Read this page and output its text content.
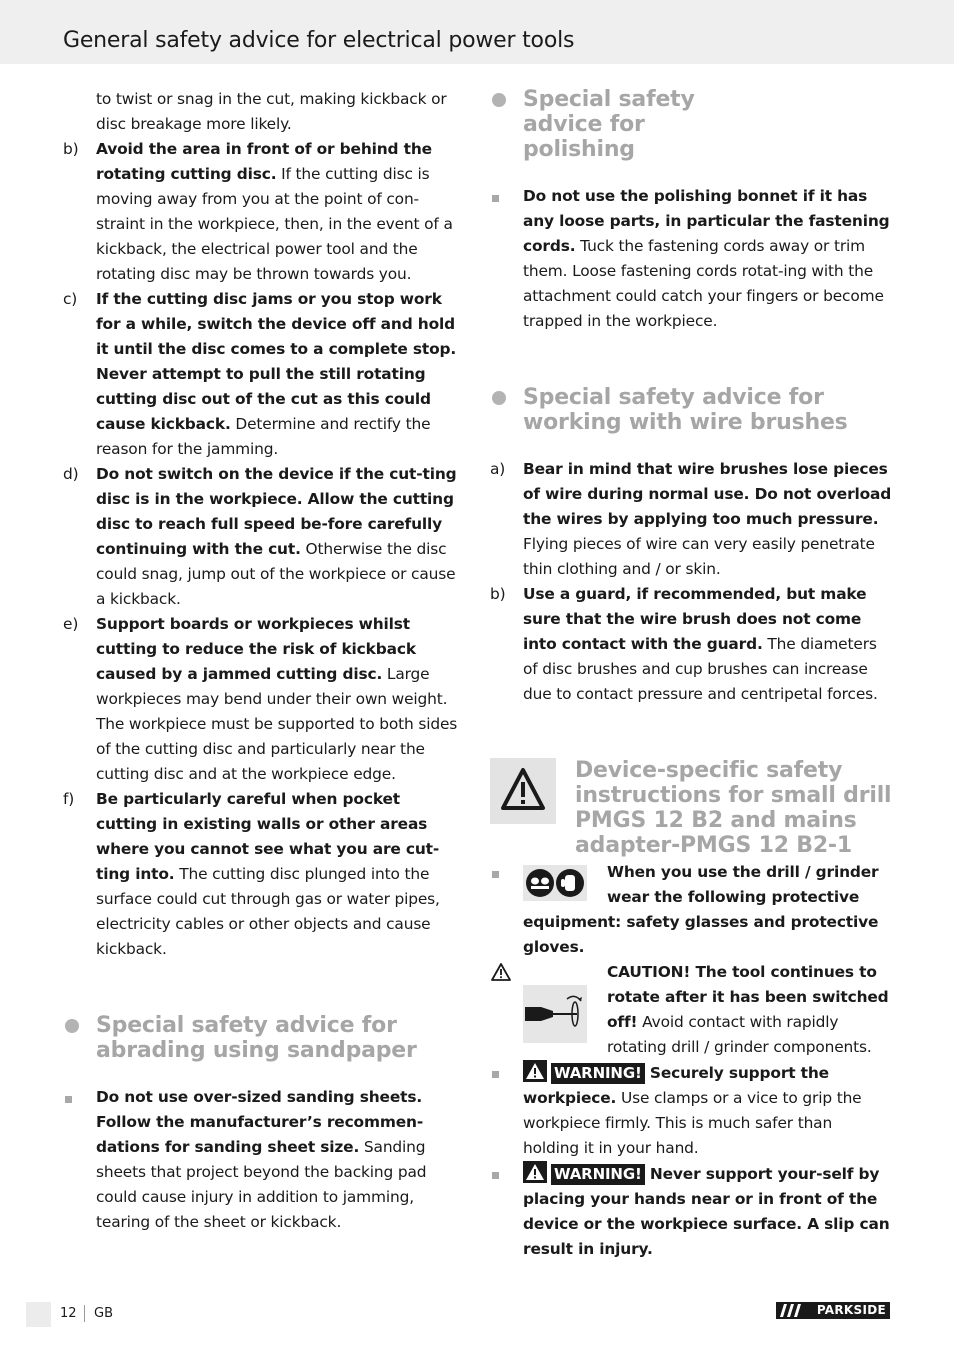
General safety advice for electrical power tools
to twist or snag in the cut, making kickback or disc breakage more likely.
b) Avoid the area in front of or behind the rotating cutting disc. If the cutting disc is moving away from you at the point of con-straint in the workpiece, then, in the event of a kickback, the electrical power tool and the rotating disc may be thrown towards you.
c) If the cutting disc jams or you stop work for a while, switch the device off and hold it until the disc comes to a complete stop. Never attempt to pull the still rotating cutting disc out of the cut as this could cause kickback. Determine and rectify the reason for the jamming.
d) Do not switch on the device if the cut-ting disc is in the workpiece. Allow the cutting disc to reach full speed be-fore carefully continuing with the cut. Otherwise the disc could snag, jump out of the workpiece or cause a kickback.
e) Support boards or workpieces whilst cutting to reduce the risk of kickback caused by a jammed cutting disc. Large workpieces may bend under their own weight. The workpiece must be supported to both sides of the cutting disc and particularly near the cutting disc and at the workpiece edge.
f) Be particularly careful when pocket cutting in existing walls or other areas where you cannot see what you are cut-ting into. The cutting disc plunged into the surface could cut through gas or water pipes, electricity cables or other objects and cause kickback.
Special safety advice for abrading using sandpaper
Do not use over-sized sanding sheets. Follow the manufacturer’s recommen-dations for sanding sheet size. Sanding sheets that project beyond the backing pad could cause injury in addition to jamming, tearing of the sheet or kickback.
Special safety advice for polishing
Do not use the polishing bonnet if it has any loose parts, in particular the fastening cords. Tuck the fastening cords away or trim them. Loose fastening cords rotat-ing with the attachment could catch your fingers or become trapped in the workpiece.
Special safety advice for working with wire brushes
a) Bear in mind that wire brushes lose pieces of wire during normal use. Do not overload the wires by applying too much pressure. Flying pieces of wire can very easily penetrate thin clothing and / or skin.
b) Use a guard, if recommended, but make sure that the wire brush does not come into contact with the guard. The diameters of disc brushes and cup brushes can increase due to contact pressure and centripetal forces.
Device-specific safety instructions for small drill PMGS 12 B2 and mains adapter-PMGS 12 B2-1
When you use the drill / grinder wear the following protective equipment: safety glasses and protective gloves.
CAUTION! The tool continues to rotate after it has been switched off! Avoid contact with rapidly rotating drill / grinder components.
WARNING! Securely support the workpiece. Use clamps or a vice to grip the workpiece firmly. This is much safer than holding it in your hand.
WARNING! Never support your-self by placing your hands near or in front of the device or the workpiece surface. A slip can result in injury.
12 GB	PARKSIDE
